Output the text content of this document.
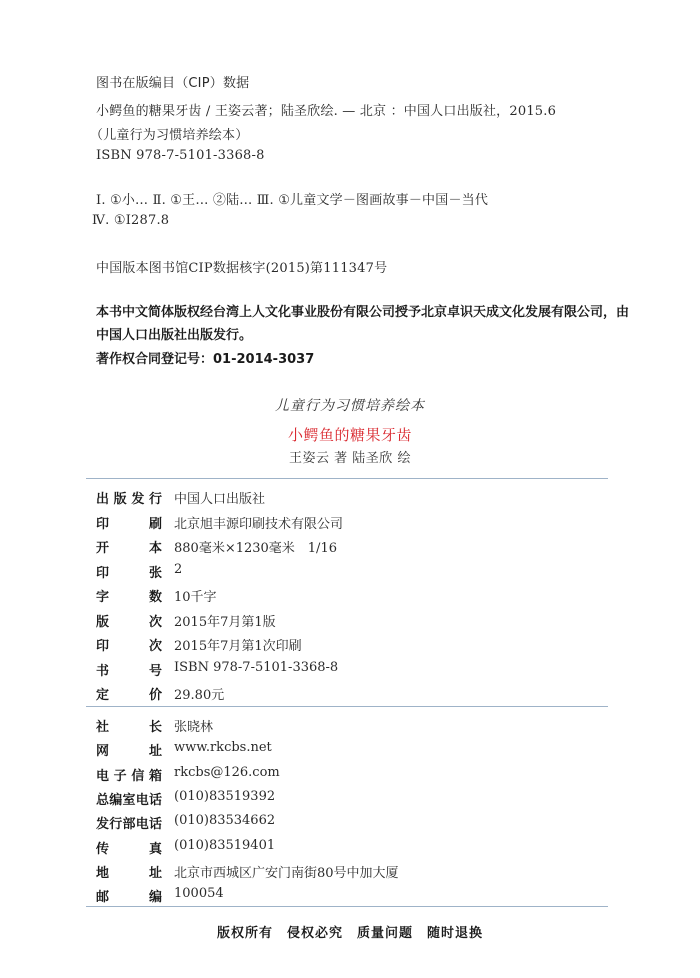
图书在版编目（CIP）数据
小鳄鱼的糖果牙齿 / 王姿云著；陆圣欣绘. — 北京 ：中国人口出版社，2015.6
（儿童行为习惯培养绘本）
ISBN 978-7-5101-3368-8
Ⅰ. ①小… Ⅱ. ①王… ②陆… Ⅲ. ①儿童文学－图画故事－中国－当代
Ⅳ. ①I287.8
中国版本图书馆CIP数据核字(2015)第111347号
本书中文简体版权经台湾上人文化事业股份有限公司授予北京卓识天成文化发展有限公司，由
中国人口出版社出版发行。
著作权合同登记号：01-2014-3037
儿童行为习惯培养绘本
小鳄鱼的糖果牙齿
王姿云 著 陆圣欣 绘
出 版 发 行 中国人口出版社
印	刷 北京旭丰源印刷技术有限公司
开	本 880毫米×1230毫米　1/16
印	张 2
字	数 10千字
版	次 2015年7月第1版
印	次 2015年7月第1次印刷
书	号 ISBN 978-7-5101-3368-8
定	价 29.80元
社	长 张晓林
网	址 www.rkcbs.net
电 子 信 箱 rkcbs@126.com
总 编 室 电 话 (010)83519392
发 行 部 电 话 (010)83534662
传	真 (010)83519401
地	址 北京市西城区广安门南街80号中加大厦
邮	编 100054
版权所有　侵权必究　质量问题　随时退换
